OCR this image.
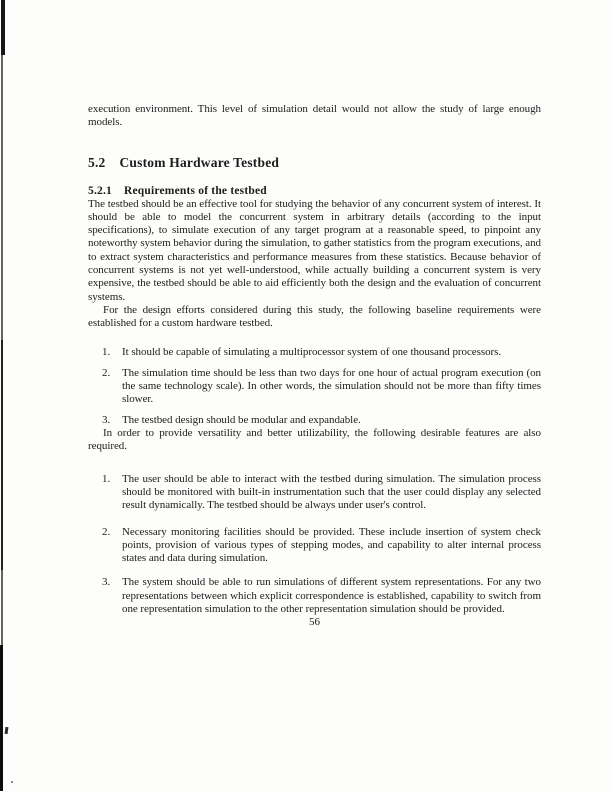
execution environment. This level of simulation detail would not allow the study of large enough models.

5.2 Custom Hardware Testbed
5.2.1 Requirements of the testbed

The testbed should be an effective tool for studying the behavior of any concurrent system of interest. It should be able to model the concurrent system in arbitrary details (according to the input specifications), to simulate execution of any target program at a reasonable speed, to pinpoint any noteworthy system behavior during the simulation, to gather statistics from the program executions, and to extract system characteristics and performance measures from these statistics. Because behavior of concurrent systems is not yet well-understood, while actually building a concurrent system is very expensive, the testbed should be able to aid efficiently both the design and the evaluation of concurrent systems.

For the design efforts considered during this study, the following baseline requirements were established for a custom hardware testbed.

1.	It should be capable of simulating a multiprocessor system of one thousand processors.
2.	The simulation time should be less than two days for one hour of actual program execution (on the same technology scale). In other words, the simulation should not be more than fifty times slower.
3.	The testbed design should be modular and expandable.

In order to provide versatility and better utilizability, the following desirable features are also required.

1.	The user should be able to interact with the testbed during simulation. The simulation process should be monitored with built-in instrumentation such that the user could display any selected result dynamically. The testbed should be always under user's control.
2.	Necessary monitoring facilities should be provided. These include insertion of system check points, provision of various types of stepping modes, and capability to alter internal process states and data during simulation.
3.	The system should be able to run simulations of different system representations. For any two representations between which explicit correspondence is established, capability to switch from one representation simulation to the other representation simulation should be provided.

56
